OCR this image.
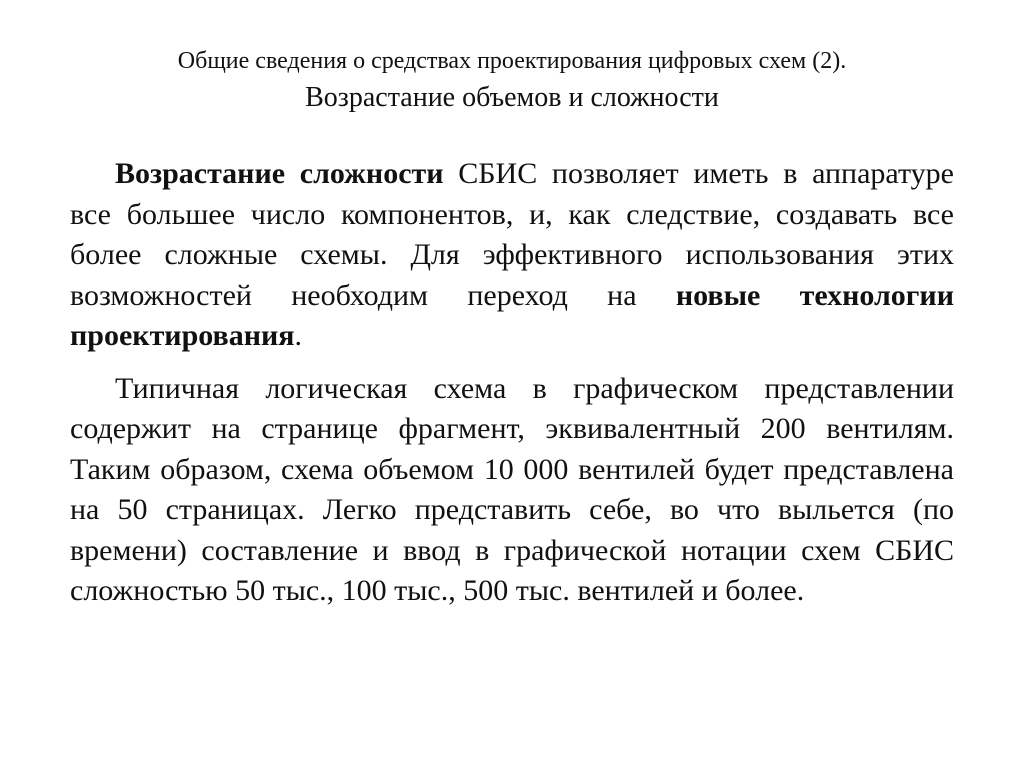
Общие сведения о средствах проектирования цифровых схем (2).
Возрастание объемов и сложности

Возрастание сложности СБИС позволяет иметь в аппаратуре все большее число компонентов, и, как следствие, создавать все более сложные схемы. Для эффективного использования этих возможностей необходим переход на новые технологии проектирования.

Типичная логическая схема в графическом представлении содержит на странице фрагмент, эквивалентный 200 вентилям. Таким образом, схема объемом 10 000 вентилей будет представлена на 50 страницах. Легко представить себе, во что выльется (по времени) составление и ввод в графической нотации схем СБИС сложностью 50 тыс., 100 тыс., 500 тыс. вентилей и более.
